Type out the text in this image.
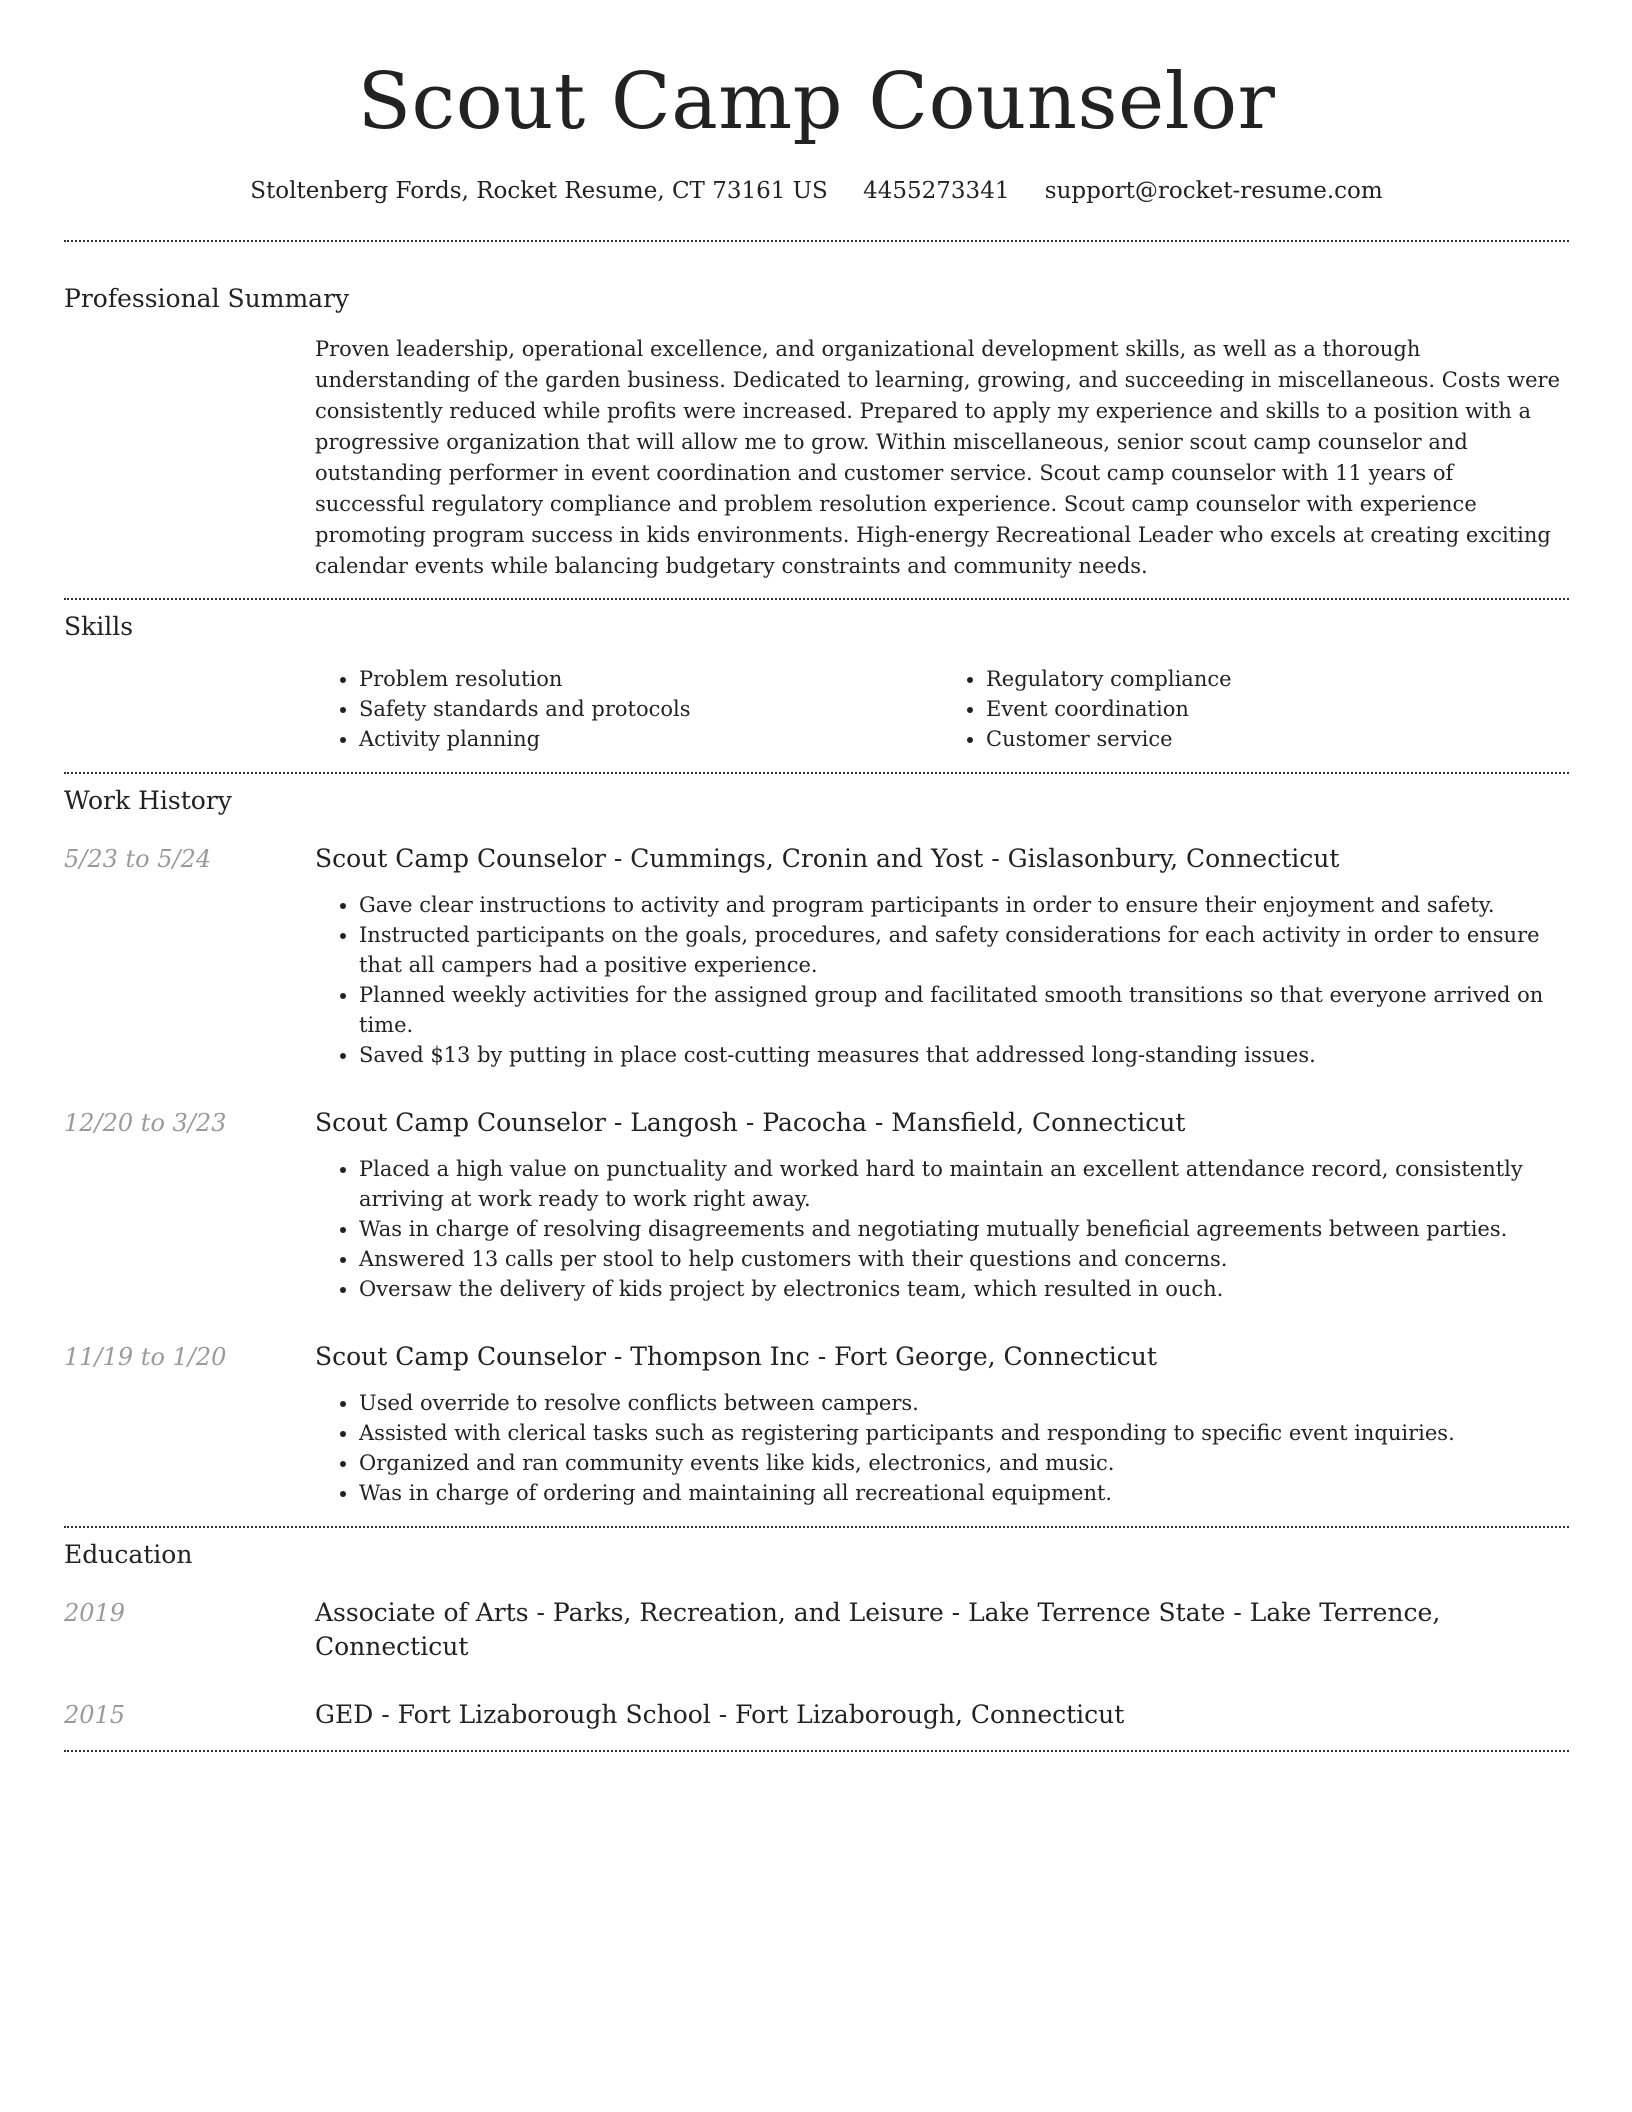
Scout Camp Counselor
Stoltenberg Fords, Rocket Resume, CT 73161 US 4455273341 support@rocket-resume.com
Professional Summary

Proven leadership, operational excellence, and organizational development skills, as well as a thorough understanding of the garden business. Dedicated to learning, growing, and succeeding in miscellaneous. Costs were consistently reduced while profits were increased. Prepared to apply my experience and skills to a position with a progressive organization that will allow me to grow. Within miscellaneous, senior scout camp counselor and outstanding performer in event coordination and customer service. Scout camp counselor with 11 years of successful regulatory compliance and problem resolution experience. Scout camp counselor with experience promoting program success in kids environments. High-energy Recreational Leader who excels at creating exciting calendar events while balancing budgetary constraints and community needs.

Skills
• Problem resolution
• Safety standards and protocols
• Activity planning
• Regulatory compliance
• Event coordination
• Customer service
Work History
5/23 to 5/24	Scout Camp Counselor - Cummings, Cronin and Yost - Gislasonbury, Connecticut
• Gave clear instructions to activity and program participants in order to ensure their enjoyment and safety.
• Instructed participants on the goals, procedures, and safety considerations for each activity in order to ensure that all campers had a positive experience.
• Planned weekly activities for the assigned group and facilitated smooth transitions so that everyone arrived on time.
• Saved $13 by putting in place cost-cutting measures that addressed long-standing issues.
12/20 to 3/23	Scout Camp Counselor - Langosh - Pacocha - Mansfield, Connecticut
• Placed a high value on punctuality and worked hard to maintain an excellent attendance record, consistently arriving at work ready to work right away.
• Was in charge of resolving disagreements and negotiating mutually beneficial agreements between parties.
• Answered 13 calls per stool to help customers with their questions and concerns.
• Oversaw the delivery of kids project by electronics team, which resulted in ouch.
11/19 to 1/20	Scout Camp Counselor - Thompson Inc - Fort George, Connecticut
• Used override to resolve conflicts between campers.
• Assisted with clerical tasks such as registering participants and responding to specific event inquiries.
• Organized and ran community events like kids, electronics, and music.
• Was in charge of ordering and maintaining all recreational equipment.
Education
2019	Associate of Arts - Parks, Recreation, and Leisure - Lake Terrence State - Lake Terrence, Connecticut
2015	GED - Fort Lizaborough School - Fort Lizaborough, Connecticut
